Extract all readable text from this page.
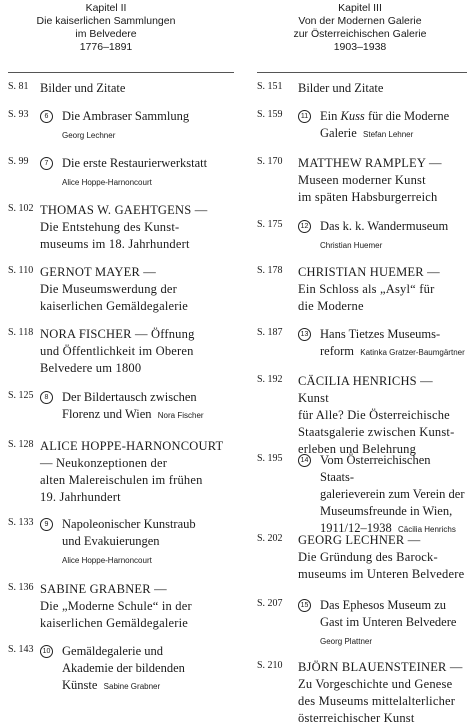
Kapitel II
Die kaiserlichen Sammlungen
im Belvedere
1776–1891
S. 81 Bilder und Zitate
S. 93	6	Die Ambraser Sammlung
Georg Lechner
S. 99	7	Die erste Restaurierwerkstatt
Alice Hoppe-Harnoncourt
S. 102 THOMAS W. GAEHTGENS —
Die Entstehung des Kunst-
museums im 18. Jahrhundert
S. 110 GERNOT MAYER —
Die Museumswerdung der
kaiserlichen Gemäldegalerie
S. 118 NORA FISCHER — Öffnung
und Öffentlichkeit im Oberen
Belvedere um 1800
S. 125	8	Der Bildertausch zwischen
Florenz und Wien Nora Fischer
S. 128 ALICE HOPPE-HARNONCOURT
— Neukonzeptionen der
alten Malereischulen im frühen
19. Jahrhundert
S. 133	9	Napoleonischer Kunstraub
und Evakuierungen
Alice Hoppe-Harnoncourt
S. 136 SABINE GRABNER —
Die „Moderne Schule“ in der
kaiserlichen Gemäldegalerie
S. 143	10 Gemäldegalerie und
Akademie der bildenden
Künste Sabine Grabner
Kapitel III
Von der Modernen Galerie
zur Österreichischen Galerie
1903–1938
S. 151 Bilder und Zitate
S. 159	11 Ein Kuss für die Moderne
Galerie Stefan Lehner
S. 170 MATTHEW RAMPLEY —
Museen moderner Kunst
im späten Habsburgerreich
S. 175	12 Das k. k. Wandermuseum
Christian Huemer
S. 178 CHRISTIAN HUEMER —
Ein Schloss als „Asyl“ für
die Moderne
S. 187	13 Hans Tietzes Museums-
reform Katinka Gratzer-Baumgärtner
S. 192 CÄCILIA HENRICHS — Kunst
für Alle? Die Österreichische
Staatsgalerie zwischen Kunst-
erleben und Belehrung
S. 195	14 Vom Österreichischen Staats-
galerieverein zum Verein der
Museumsfreunde in Wien,
1911/12–1938 Cäcilia Henrichs
S. 202 GEORG LECHNER —
Die Gründung des Barock-
museums im Unteren Belvedere
S. 207	15 Das Ephesos Museum zu
Gast im Unteren Belvedere
Georg Plattner
S. 210 BJÖRN BLAUENSTEINER —
Zu Vorgeschichte und Genese
des Museums mittelalterlicher
österreichischer Kunst
